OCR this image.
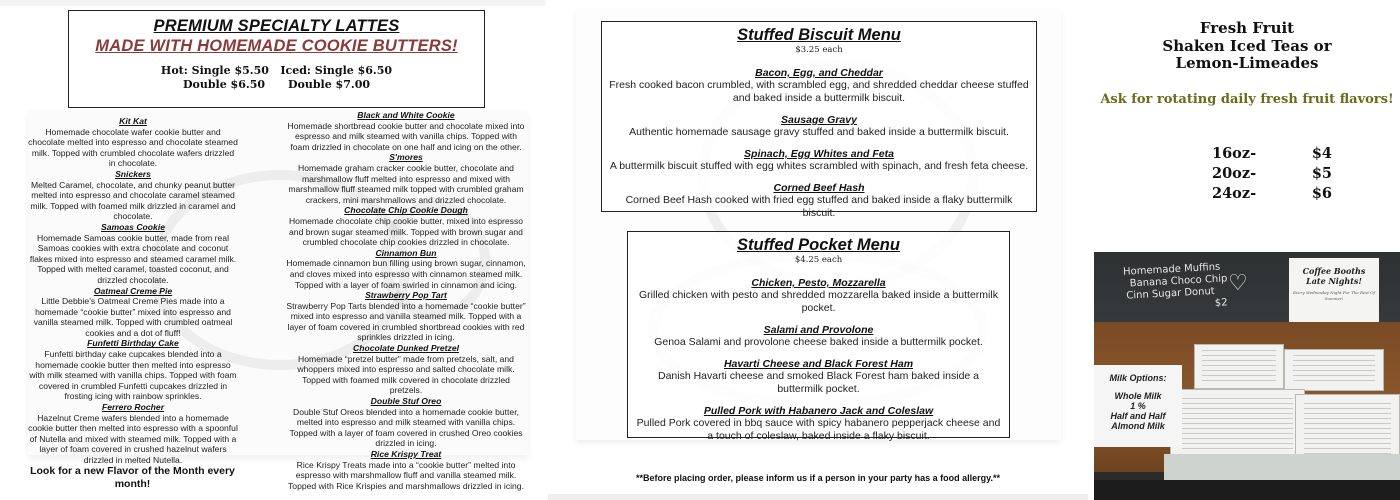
PREMIUM SPECIALTY LATTES
MADE WITH HOMEMADE COOKIE BUTTERS!
Hot: Single $5.50   Iced: Single $6.50
Double $6.50      Double $7.00
Kit Kat
Homemade chocolate wafer cookie butter and chocolate melted into espresso and chocolate steamed milk. Topped with crumbled chocolate wafers drizzled in chocolate.
Snickers
Melted Caramel, chocolate, and chunky peanut butter melted into espresso and chocolate caramel steamed milk. Topped with foamed milk drizzled in caramel and chocolate.
Samoas Cookie
Homemade Samoas cookie butter, made from real Samoas cookies with extra chocolate and coconut flakes mixed into espresso and steamed caramel milk. Topped with melted caramel, toasted coconut, and drizzled chocolate.
Oatmeal Creme Pie
Little Debbie's Oatmeal Creme Pies made into a homemade “cookie butter” mixed into espresso and vanilla steamed milk. Topped with crumbled oatmeal cookies and a dot of fluff!
Funfetti Birthday Cake
Funfetti birthday cake cupcakes blended into a homemade cookie butter then melted into espresso with milk steamed with vanilla chips. Topped with foam covered in crumbled Funfetti cupcakes drizzled in frosting icing with rainbow sprinkles.
Ferrero Rocher
Hazelnut Creme wafers blended into a homemade cookie butter then melted into espresso with a spoonful of Nutella and mixed with steamed milk. Topped with a layer of foam covered in crushed hazelnut wafers drizzled in melted Nutella.
Black and White Cookie
Homemade shortbread cookie butter and chocolate mixed into espresso and milk steamed with vanilla chips. Topped with foam drizzled in chocolate on one half and icing on the other.
S'mores
Homemade graham cracker cookie butter, chocolate and marshmallow fluff melted into espresso and mixed with marshmallow fluff steamed milk topped with crumbled graham crackers, mini marshmallows and drizzled chocolate.
Chocolate Chip Cookie Dough
Homemade chocolate chip cookie butter, mixed into espresso and brown sugar steamed milk. Topped with brown sugar and crumbled chocolate chip cookies drizzled in chocolate.
Cinnamon Bun
Homemade cinnamon bun filling using brown sugar, cinnamon, and cloves mixed into espresso with cinnamon steamed milk. Topped with a layer of foam swirled in cinnamon and icing.
Strawberry Pop Tart
Strawberry Pop Tarts blended into a homemade “cookie butter” mixed into espresso and vanilla steamed milk. Topped with a layer of foam covered in crumbled shortbread cookies with red sprinkles drizzled in icing.
Chocolate Dunked Pretzel
Homemade “pretzel butter” made from pretzels, salt, and whoppers mixed into espresso and salted chocolate milk. Topped with foamed milk covered in chocolate drizzled pretzels.
Double Stuf Oreo
Double Stuf Oreos blended into a homemade cookie butter, melted into espresso and milk steamed with vanilla chips. Topped with a layer of foam covered in crushed Oreo cookies drizzled in icing.
Rice Krispy Treat
Rice Krispy Treats made into a “cookie butter” melted into espresso with marshmallow fluff and vanilla steamed milk. Topped with Rice Krispies and marshmallows drizzled in icing.
Look for a new Flavor of the Month every month!
Stuffed Biscuit Menu
$3.25 each
Bacon, Egg, and Cheddar
Fresh cooked bacon crumbled, with scrambled egg, and shredded cheddar cheese stuffed and baked inside a buttermilk biscuit.
Sausage Gravy
Authentic homemade sausage gravy stuffed and baked inside a buttermilk biscuit.
Spinach, Egg Whites and Feta
A buttermilk biscuit stuffed with egg whites scrambled with spinach, and fresh feta cheese.
Corned Beef Hash
Corned Beef Hash cooked with fried egg stuffed and baked inside a flaky buttermilk biscuit.
Stuffed Pocket Menu
$4.25 each
Chicken, Pesto, Mozzarella
Grilled chicken with pesto and shredded mozzarella baked inside a buttermilk pocket.
Salami and Provolone
Genoa Salami and provolone cheese baked inside a buttermilk pocket.
Havarti Cheese and Black Forest Ham
Danish Havarti cheese and smoked Black Forest ham baked inside a buttermilk pocket.
Pulled Pork with Habanero Jack and Coleslaw
Pulled Pork covered in bbq sauce with spicy habanero pepperjack cheese and a touch of coleslaw, baked inside a flaky biscuit.
**Before placing order, please inform us if a person in your party has a food allergy.**
Fresh Fruit
Shaken Iced Teas or
Lemon-Limeades
Ask for rotating daily fresh fruit flavors!
16oz-	$4
20oz-	$5
24oz-	$6
Homemade Muffins
Banana Choco Chip
Cinn Sugar Donut
$2
♡	Coffee Booths
Late Nights!
Every Wednesday Night For The Rest Of Summer!
Milk Options:
Whole Milk
1 %
Half and Half
Almond Milk
